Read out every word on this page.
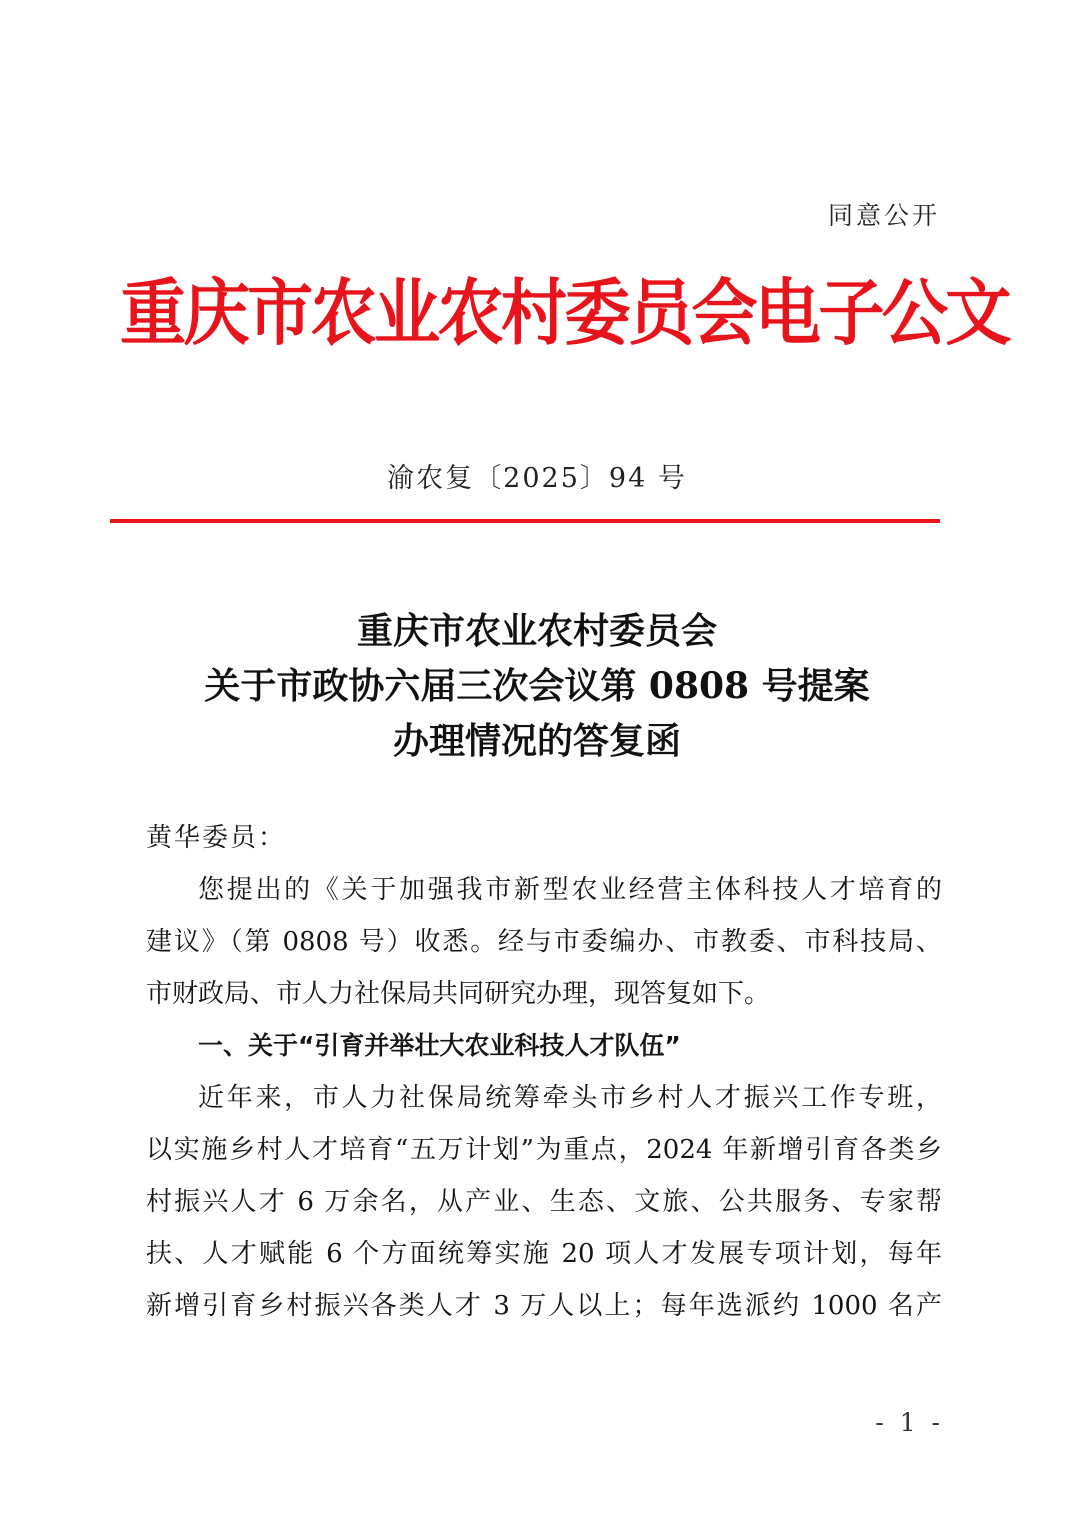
同意公开
重庆市农业农村委员会电子公文
渝农复〔2025〕94 号
重庆市农业农村委员会
关于市政协六届三次会议第 0808 号提案
办理情况的答复函

黄华委员：

您提出的《关于加强我市新型农业经营主体科技人才培育的

建议》（第 0808 号）收悉。经与市委编办、市教委、市科技局、

市财政局、市人力社保局共同研究办理，现答复如下。

一、关于“引育并举壮大农业科技人才队伍”

近年来，市人力社保局统筹牵头市乡村人才振兴工作专班，

以实施乡村人才培育“五万计划”为重点，2024 年新增引育各类乡

村振兴人才 6 万余名，从产业、生态、文旅、公共服务、专家帮

扶、人才赋能 6 个方面统筹实施 20 项人才发展专项计划，每年

新增引育乡村振兴各类人才 3 万人以上；每年选派约 1000 名产

- 1 -
